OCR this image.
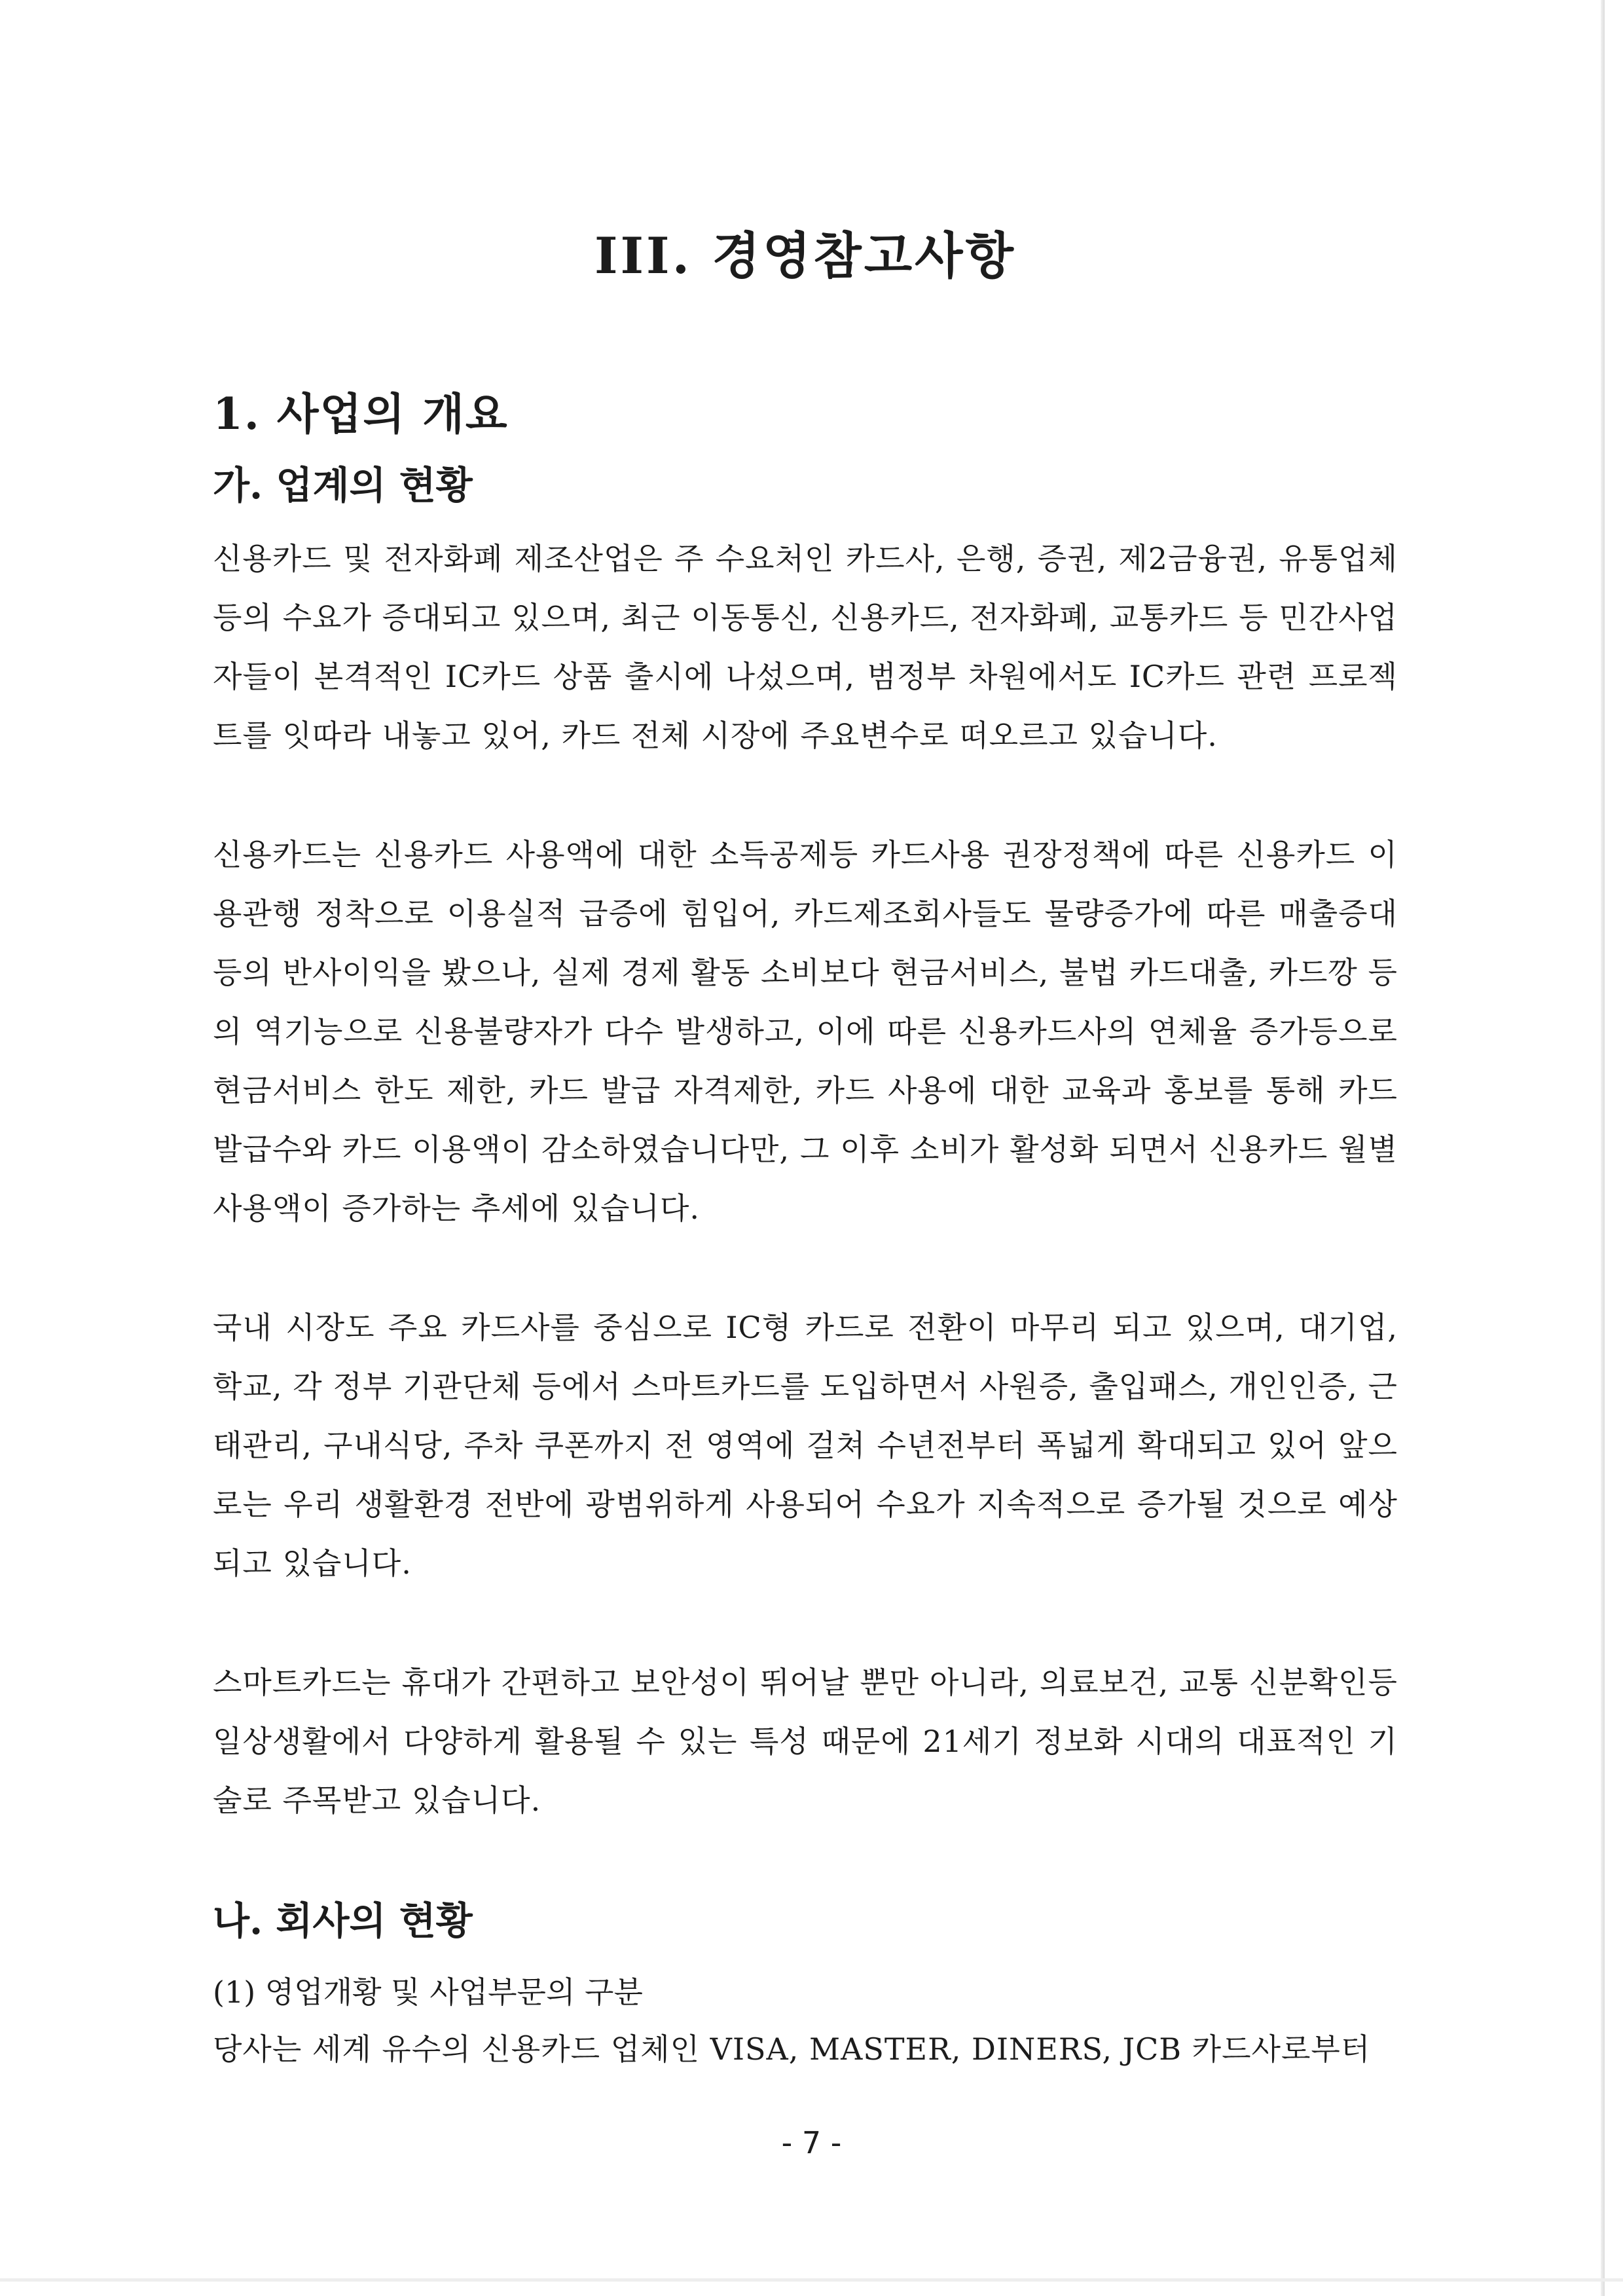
III. 경영참고사항
1. 사업의 개요
가. 업계의 현황

신용카드 및 전자화폐 제조산업은 주 수요처인 카드사, 은행, 증권, 제2금융권, 유통업체 등의 수요가 증대되고 있으며, 최근 이동통신, 신용카드, 전자화폐, 교통카드 등 민간사업자들이 본격적인 IC카드 상품 출시에 나섰으며, 범정부 차원에서도 IC카드 관련 프로젝트를 잇따라 내놓고 있어, 카드 전체 시장에 주요변수로 떠오르고 있습니다.

신용카드는 신용카드 사용액에 대한 소득공제등 카드사용 권장정책에 따른 신용카드 이용관행 정착으로 이용실적 급증에 힘입어, 카드제조회사들도 물량증가에 따른 매출증대등의 반사이익을 봤으나, 실제 경제 활동 소비보다 현금서비스, 불법 카드대출, 카드깡 등의 역기능으로 신용불량자가 다수 발생하고, 이에 따른 신용카드사의 연체율 증가등으로현금서비스 한도 제한, 카드 발급 자격제한, 카드 사용에 대한 교육과 홍보를 통해 카드 발급수와 카드 이용액이 감소하였습니다만, 그 이후 소비가 활성화 되면서 신용카드 월별 사용액이 증가하는 추세에 있습니다.

국내 시장도 주요 카드사를 중심으로 IC형 카드로 전환이 마무리 되고 있으며, 대기업, 학교, 각 정부 기관단체 등에서 스마트카드를 도입하면서 사원증, 출입패스, 개인인증, 근태관리, 구내식당, 주차 쿠폰까지 전 영역에 걸쳐 수년전부터 폭넓게 확대되고 있어 앞으로는 우리 생활환경 전반에 광범위하게 사용되어 수요가 지속적으로 증가될 것으로 예상되고 있습니다.

스마트카드는 휴대가 간편하고 보안성이 뛰어날 뿐만 아니라, 의료보건, 교통 신분확인등 일상생활에서 다양하게 활용될 수 있는 특성 때문에 21세기 정보화 시대의 대표적인 기술로 주목받고 있습니다.

나. 회사의 현황

(1) 영업개황 및 사업부문의 구분

당사는 세계 유수의 신용카드 업체인 VISA, MASTER, DINERS, JCB 카드사로부터

- 7 -
